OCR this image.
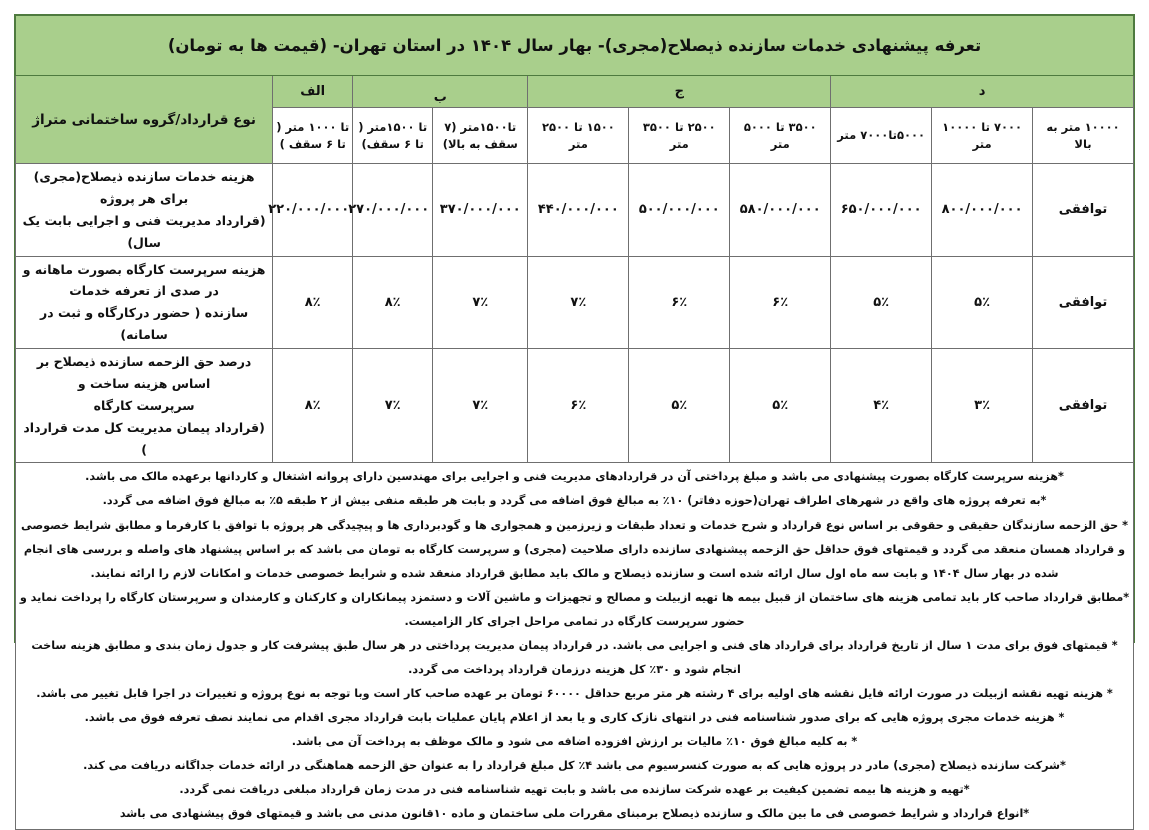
تعرفه پیشنهادی خدمات سازنده ذیصلاح(مجری)- بهار سال ۱۴۰۴ در استان تهران- (قیمت ها به تومان)									
د			ج			ب		الف	نوع قرارداد/گروه ساختمانی متراژ
۱۰۰۰۰ متر به بالا	۷۰۰۰ تا ۱۰۰۰۰ متر	۵۰۰۰تا۷۰۰۰ متر	۳۵۰۰ تا ۵۰۰۰ متر	۲۵۰۰ تا ۳۵۰۰ متر	۱۵۰۰ تا ۲۵۰۰ متر	تا۱۵۰۰متر (۷ سقف به بالا)	تا ۱۵۰۰متر ( تا ۶ سقف)	تا ۱۰۰۰ متر ( تا ۶ سقف )	
توافقی	۸۰۰/۰۰۰/۰۰۰	۶۵۰/۰۰۰/۰۰۰	۵۸۰/۰۰۰/۰۰۰	۵۰۰/۰۰۰/۰۰۰	۴۴۰/۰۰۰/۰۰۰	۳۷۰/۰۰۰/۰۰۰	۲۷۰/۰۰۰/۰۰۰	۲۲۰/۰۰۰/۰۰۰	هزینه خدمات سازنده ذیصلاح(مجری) برای هر پروژه
(قرارداد مدیریت فنی و اجرایی بابت یک سال)

توافقی	۵٪	۵٪	۶٪	۶٪	۷٪	۷٪	۸٪	۸٪	هزینه سرپرست کارگاه بصورت ماهانه و در صدی از تعرفه خدمات
سازنده ( حضور درکارگاه و ثبت در سامانه)

توافقی	۳٪	۴٪	۵٪	۵٪	۶٪	۷٪	۷٪	۸٪	درصد حق الزحمه سازنده ذیصلاح بر اساس هزینه ساخت و
سرپرست کارگاه
(قرارداد پیمان مدیریت کل مدت قرارداد )

*هزینه سرپرست کارگاه بصورت پیشنهادی می باشد و مبلغ پرداختی آن در قراردادهای مدیریت فنی و اجرایی برای مهندسین دارای پروانه اشتغال و کاردانها برعهده مالک می باشد.

*به تعرفه پروژه های واقع در شهرهای اطراف تهران(حوزه دفاتر) ۱۰٪ به مبالغ فوق اضافه می گردد و بابت هر طبقه منفی بیش از ۲ طبقه ۵٪ به مبالغ فوق اضافه می گردد.

* حق الزحمه سازندگان حقیقی و حقوقی بر اساس نوع قرارداد و شرح خدمات و تعداد طبقات و زیرزمین و همجواری ها و گودبرداری ها و پیچیدگی هر پروژه با توافق با کارفرما و مطابق شرایط خصوصی و قرارداد همسان منعقد می گردد و قیمتهای فوق حداقل حق الزحمه پیشنهادی سازنده دارای صلاحیت (مجری) و سرپرست کارگاه به تومان می باشد که بر اساس پیشنهاد های واصله و بررسی های انجام شده در بهار سال ۱۴۰۴ و بابت سه ماه اول سال ارائه شده است و سازنده ذیصلاح و مالک باید مطابق قرارداد منعقد شده و شرایط خصوصی خدمات و امکانات لازم را ارائه نمایند.

*مطابق قرارداد صاحب کار باید تمامی هزینه های ساختمان از قبیل بیمه ها تهیه ازبیلت و مصالح و تجهیزات و ماشین آلات و دستمزد پیمانکاران و کارکنان و کارمندان و سرپرستان کارگاه را پرداخت نماید و حضور سرپرست کارگاه در تمامی مراحل اجرای کار الزامیست.

* قیمتهای فوق برای مدت ۱ سال از تاریخ قرارداد برای قرارداد های فنی و اجرایی می باشد. در قرارداد پیمان مدیریت پرداختی در هر سال طبق پیشرفت کار و جدول زمان بندی و مطابق هزینه ساخت انجام شود و ۳۰٪ کل هزینه درزمان قرارداد پرداخت می گردد.

* هزینه تهیه نقشه ازبیلت در صورت ارائه فایل نقشه های اولیه برای ۴ رشته هر متر مربع حداقل ۶۰۰۰۰ تومان بر عهده صاحب کار است وبا توجه به نوع پروژه و تغییرات در اجرا قابل تغییر می باشد.

* هزینه خدمات مجری پروژه هایی که برای صدور شناسنامه فنی در انتهای نازک کاری و یا بعد از اعلام پایان عملیات بابت قرارداد مجری اقدام می نمایند نصف تعرفه فوق می باشد.

* به کلیه مبالغ فوق ۱۰٪ مالیات بر ارزش افزوده اضافه می شود و مالک موظف به پرداخت آن می باشد.

*شرکت سازنده ذیصلاح (مجری) مادر در پروژه هایی که به صورت کنسرسیوم می باشد ۴٪ کل مبلغ قرارداد را به عنوان حق الزحمه هماهنگی در ارائه خدمات جداگانه دریافت می کند.

*تهیه و هزینه ها بیمه تضمین کیفیت بر عهده شرکت سازنده می باشد و بابت تهیه شناسنامه فنی در مدت زمان قرارداد مبلغی دریافت نمی گردد.

*انواع قرارداد و شرایط خصوصی فی ما بین مالک و سازنده ذیصلاح برمبنای مقررات ملی ساختمان و ماده ۱۰قانون مدنی می باشد و قیمتهای فوق پیشنهادی می باشد
